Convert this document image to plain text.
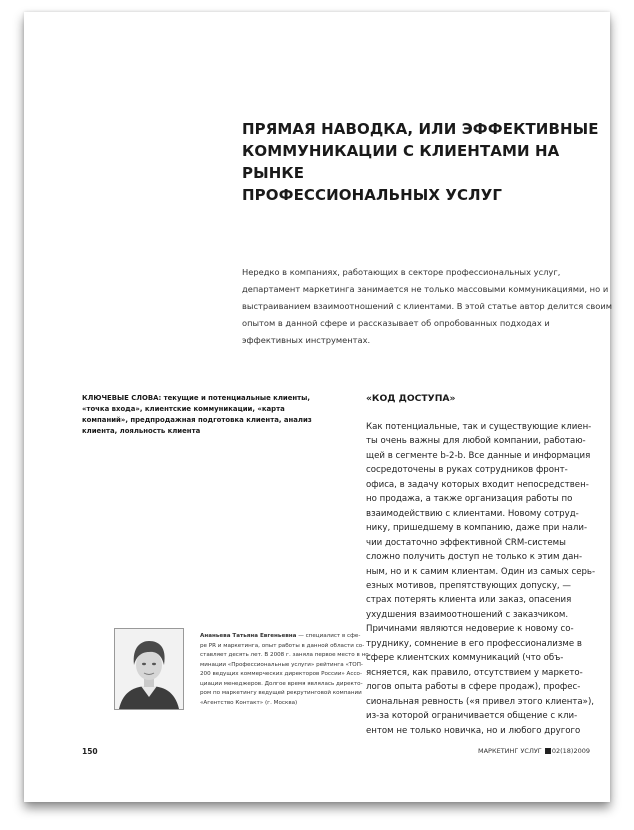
ПРЯМАЯ НАВОДКА, ИЛИ ЭФФЕКТИВНЫЕ
КОММУНИКАЦИИ С КЛИЕНТАМИ НА РЫНКЕ
ПРОФЕССИОНАЛЬНЫХ УСЛУГ

Нередко в компаниях, работающих в секторе профессиональных услуг, департамент маркетинга занимается не только массовыми коммуникациями, но и выстраиванием взаимоотношений с клиентами. В этой статье автор делится своим опытом в данной сфере и рассказывает об опробованных подходах и эффективных инструментах.

КЛЮЧЕВЫЕ СЛОВА: текущие и потенциальные клиенты, «точка входа», клиентские коммуникации, «карта компаний», предпродажная подготовка клиента, анализ клиента, лояльность клиента
«КОД ДОСТУПА»
Как потенциальные, так и существующие клиен-
ты очень важны для любой компании, работаю-
щей в сегменте b-2-b. Все данные и информация
сосредоточены в руках сотрудников фронт-
офиса, в задачу которых входит непосредствен-
но продажа, а также организация работы по
взаимодействию с клиентами. Новому сотруд-
нику, пришедшему в компанию, даже при нали-
чии достаточно эффективной CRM-системы
сложно получить доступ не только к этим дан-
ным, но и к самим клиентам. Один из самых серь-
езных мотивов, препятствующих допуску, —
страх потерять клиента или заказ, опасения
ухудшения взаимоотношений с заказчиком.
Причинами являются недоверие к новому со-
труднику, сомнение в его профессионализме в
сфере клиентских коммуникаций (что объ-
ясняется, как правило, отсутствием у маркето-
логов опыта работы в сфере продаж), профес-
сиональная ревность («я привел этого клиента»),
из-за которой ограничивается общение с кли-
ентом не только новичка, но и любого другого
Ананьева Татьяна Евгеньевна — специалист в сфе-
ре PR и маркетинга, опыт работы в данной области со-
ставляет десять лет. В 2008 г. заняла первое место в но-
минации «Профессиональные услуги» рейтинга «ТОП-
200 ведущих коммерческих директоров России» Ассо-
циации менеджеров. Долгое время являлась директо-
ром по маркетингу ведущей рекрутинговой компании
«Агентство Контакт» (г. Москва)
150	МАРКЕТИНГ УСЛУГ 02(18)2009
